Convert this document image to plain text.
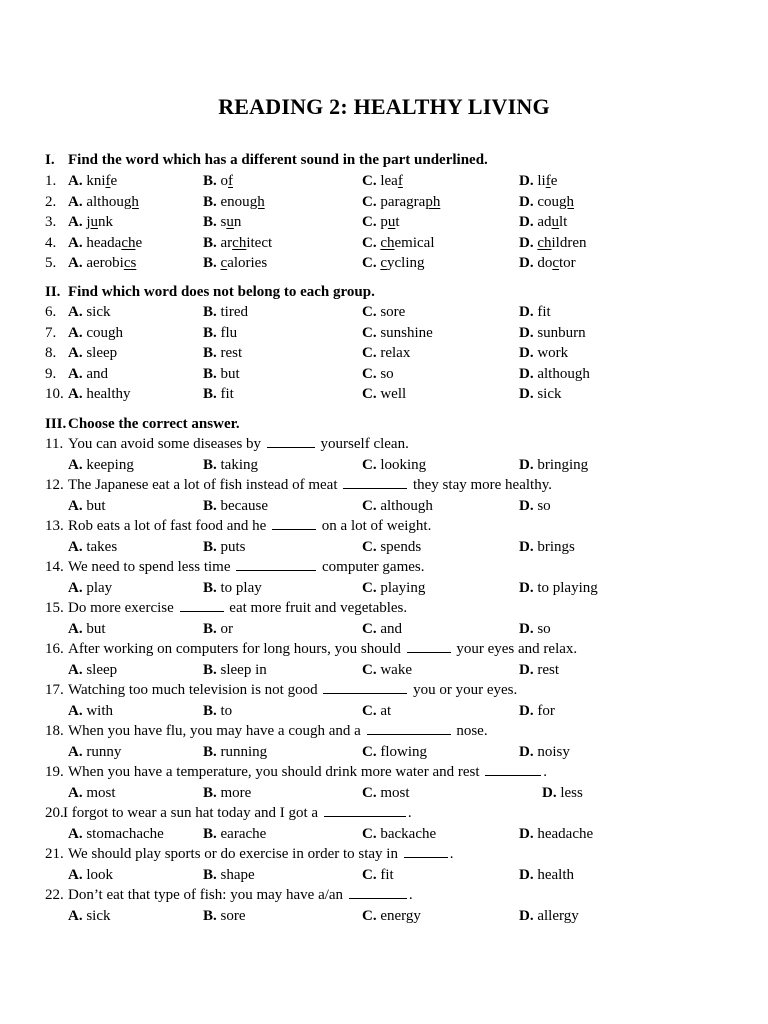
READING 2: HEALTHY LIVING
I. Find the word which has a different sound in the part underlined.
1. A. knife	B. of	C. leaf	D. life
2. A. although	B. enough	C. paragraph	D. cough
3. A. junk	B. sun	C. put	D. adult
4. A. headache	B. architect	C. chemical	D. children
5. A. aerobics	B. calories	C. cycling	D. doctor
II. Find which word does not belong to each group.
6. A. sick	B. tired	C. sore	D. fit
7. A. cough	B. flu	C. sunshine	D. sunburn
8. A. sleep	B. rest	C. relax	D. work
9. A. and	B. but	C. so	D. although
10. A. healthy	B. fit	C. well	D. sick
III. Choose the correct answer.
11. You can avoid some diseases by	yourself clean.
A. keeping	B. taking	C. looking	D. bringing
12. The Japanese eat a lot of fish instead of meat	they stay more healthy.
A. but	B. because	C. although	D. so
13. Rob eats a lot of fast food and he	on a lot of weight.
A. takes	B. puts	C. spends	D. brings
14. We need to spend less time	computer games.
A. play	B. to play	C. playing	D. to playing
15. Do more exercise	eat more fruit and vegetables.
A. but	B. or	C. and	D. so
16. After working on computers for long hours, you should	your eyes and relax.
A. sleep	B. sleep in	C. wake	D. rest
17. Watching too much television is not good	you or your eyes.
A. with	B. to	C. at	D. for
18. When you have flu, you may have a cough and a	nose.
A. runny	B. running	C. flowing	D. noisy
19. When you have a temperature, you should drink more water and rest	.
A. most	B. more	C. most	D. less
20. I forgot to wear a sun hat today and I got a	.
A. stomachache	B. earache	C. backache	D. headache
21. We should play sports or do exercise in order to stay in	.
A. look	B. shape	C. fit	D. health
22. Don’t eat that type of fish: you may have a/an	.
A. sick	B. sore	C. energy	D. allergy
